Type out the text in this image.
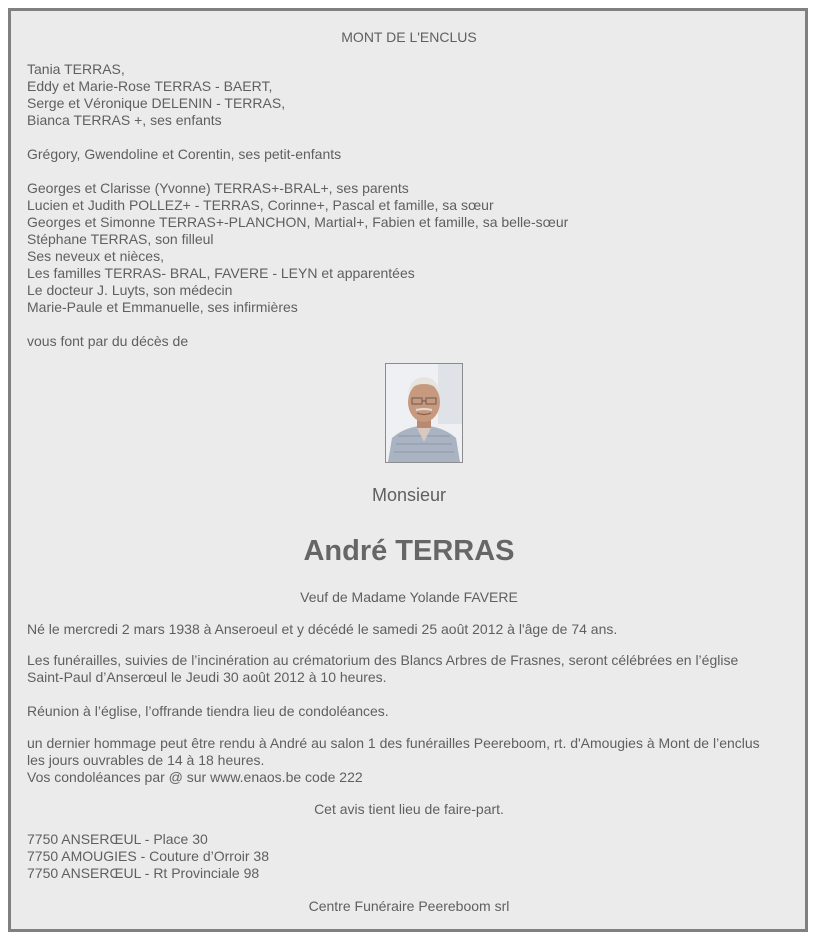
MONT DE L'ENCLUS
Tania TERRAS,
Eddy et Marie-Rose TERRAS - BAERT,
Serge et Véronique DELENIN - TERRAS,
Bianca TERRAS +, ses enfants
Grégory, Gwendoline et Corentin, ses petit-enfants
Georges et Clarisse (Yvonne) TERRAS+-BRAL+, ses parents
Lucien et Judith POLLEZ+ - TERRAS, Corinne+, Pascal et famille, sa sœur
Georges et Simonne TERRAS+-PLANCHON, Martial+, Fabien et famille, sa belle-sœur
Stéphane TERRAS, son filleul
Ses neveux et nièces,
Les familles TERRAS- BRAL, FAVERE - LEYN et apparentées
Le docteur J. Luyts, son médecin
Marie-Paule et Emmanuelle, ses infirmières
vous font par du décès de
Monsieur
André TERRAS
Veuf de Madame Yolande FAVERE
Né le mercredi 2 mars 1938 à Anseroeul et y décédé le samedi 25 août 2012 à l'âge de 74 ans.
Les funérailles, suivies de l’incinération au crématorium des Blancs Arbres de Frasnes, seront célébrées en l’église
Saint-Paul d’Anserœul le Jeudi 30 août 2012 à 10 heures.
Réunion à l’église, l’offrande tiendra lieu de condoléances.
un dernier hommage peut être rendu à André au salon 1 des funérailles Peereboom, rt. d'Amougies à Mont de l’enclus
les jours ouvrables de 14 à 18 heures.
Vos condoléances par @ sur www.enaos.be code 222
Cet avis tient lieu de faire-part.
7750 ANSERŒUL - Place 30
7750 AMOUGIES - Couture d’Orroir 38
7750 ANSERŒUL - Rt Provinciale 98
Centre Funéraire Peereboom srl
